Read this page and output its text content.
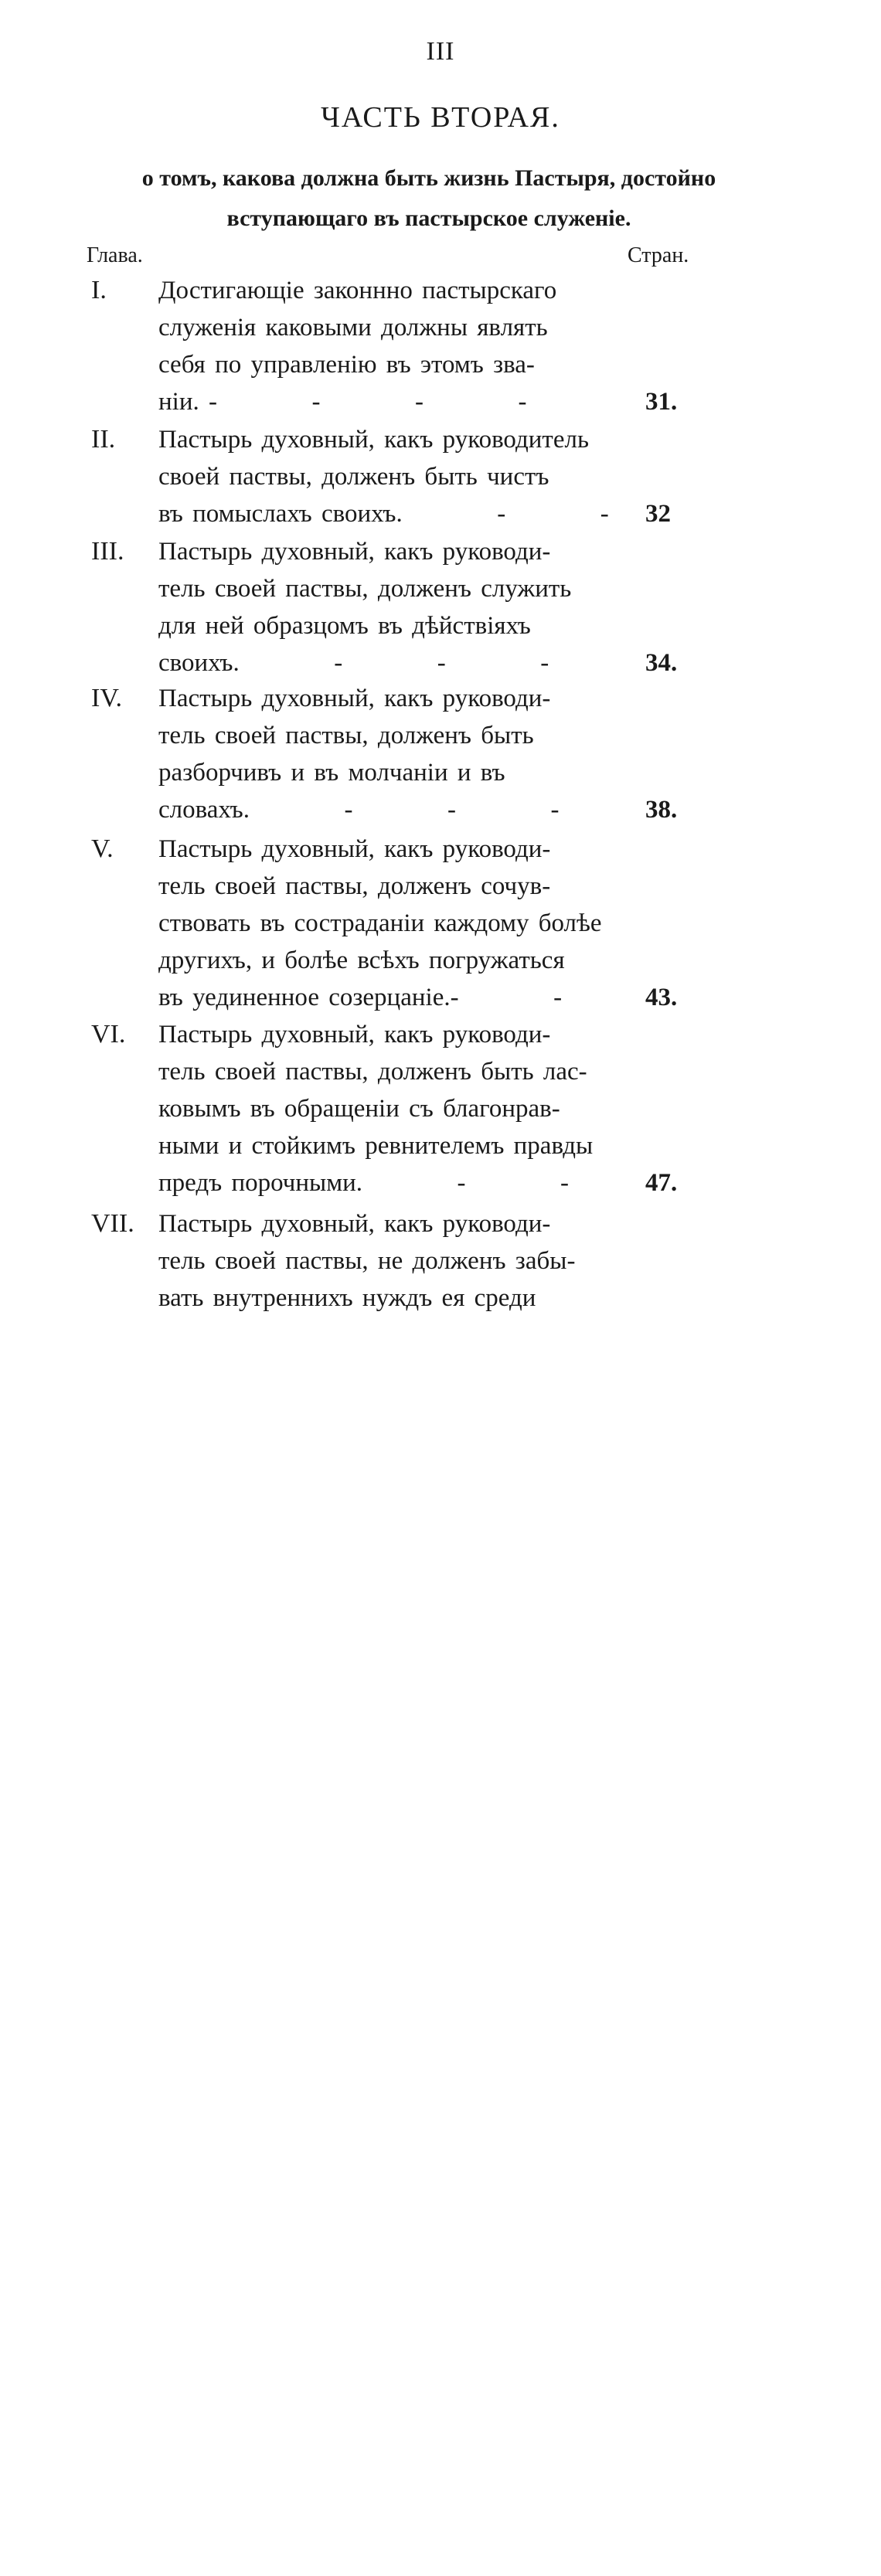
III
ЧАСТЬ ВТОРАЯ.
о томъ, какова должна быть жизнь Пастыря, достойно
вступающаго въ пастырское служеніе.
Глава.	Стран.
I.	Достигающіе законнно пастырскаго
служенія каковыми должны являть
себя по управленію въ этомъ зва-
нiи. -          -          -          -	31.
II.	Пастырь духовный, какъ руководитель
своей паствы, долженъ быть чистъ
въ помыслахъ своихъ.          -          - 32
III.	Пастырь духовный, какъ руководи-
тель своей паствы, долженъ служить
для ней образцомъ въ дѣйствіяхъ
своихъ.          -          -          -	34.
IV.	Пастырь духовный, какъ руководи-
тель своей паствы, долженъ быть
разборчивъ и въ молчаніи и въ
словахъ.          -          -          -	38.
V.	Пастырь духовный, какъ руководи-
тель своей паствы, долженъ сочув-
ствовать въ состраданіи каждому болѣе
другихъ, и болѣе всѣхъ погружаться
въ уединенное созерцаніе.-          -	43.
VI.	Пастырь духовный, какъ руководи-
тель своей паствы, долженъ быть лас-
ковымъ въ обращеніи съ благонрав-
ными и стойкимъ ревнителемъ правды
предъ порочными.          -          -	47.
VII. Пастырь духовный, какъ руководи-
тель своей паствы, не долженъ забы-
вать внутреннихъ нуждъ ея среди
